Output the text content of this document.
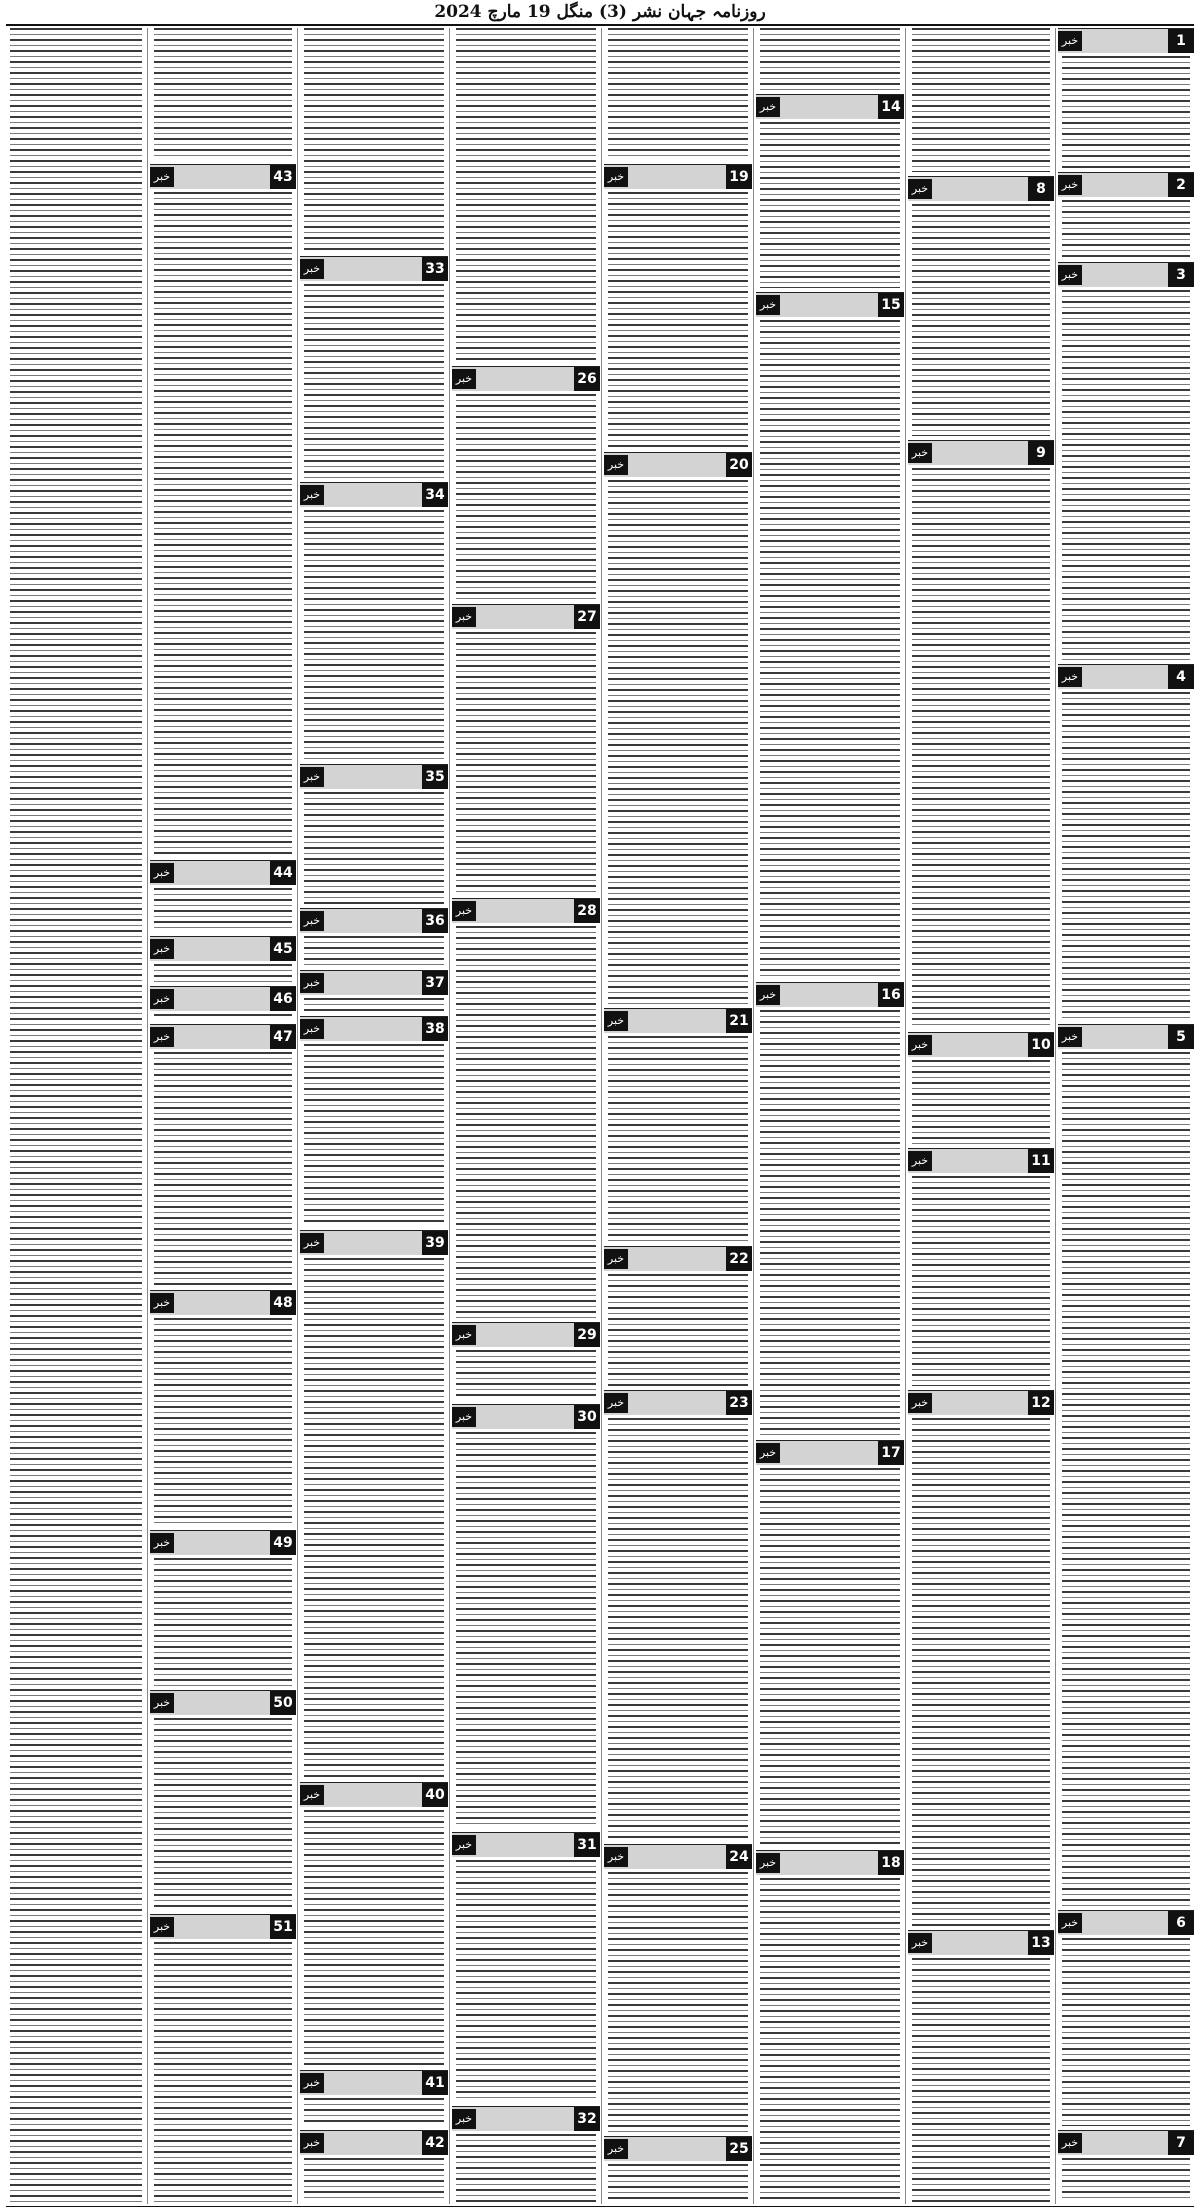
روزنامہ جہان نشر (3) منگل 19 مارچ 2024
1
خبر
2
خبر
3
خبر
4
خبر
5
خبر
6
خبر
7
خبر
8
خبر
9
خبر
10
خبر
11
خبر
12
خبر
13
خبر
14
خبر
15
خبر
16
خبر
17
خبر
18
خبر
19
خبر
20
خبر
21
خبر
22
خبر
23
خبر
24
خبر
25
خبر
26
خبر
27
خبر
28
خبر
29
خبر
30
خبر
31
خبر
32
خبر
33
خبر
34
خبر
35
خبر
36
خبر
37
خبر
38
خبر
39
خبر
40
خبر
41
خبر
42
خبر
43
خبر
44
خبر
45
خبر
46
خبر
47
خبر
48
خبر
49
خبر
50
خبر
51
خبر
